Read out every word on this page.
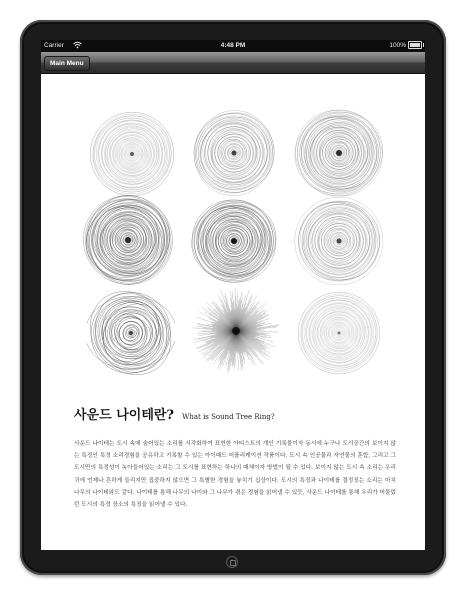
Carrier	4:48 PM	100%
Main Menu
사운드 나이테란? What is Sound Tree Ring?
사운드 나이테는 도시 속에 숨어있는 소리를 시각화하여 표현한 아티스트의 개인 기록물이자 동시에 누구나 도시공간의 보이지 않는 특정인 특정 소리경험을 공유하고 기록할 수 있는 아이패드 어플리케이션 작품이다. 도시 속 인공물과 자연물의 혼합, 그리고 그 도시만의 특정성이 녹아들어있는 소리는 그 도시를 표현하는 하나의 매체이자 방법이 될 수 있다. 보이지 않는 도시 속 소리는 우리 귀에 언제나 흔하게 들리지만 집중하지 않으면 그 특별한 경험을 놓치기 십상이다. 도시의 특정과 나이테를 결정짓는 소리는 마치 나무의 나이테와도 같다. 나이테를 통해 나무의 나이와 그 나무가 겪은 경험을 읽어낼 수 있듯, 사운드 나이테를 통해 우리가 머물렀던 도시의 특정 장소의 특징을 읽어낼 수 있다.
